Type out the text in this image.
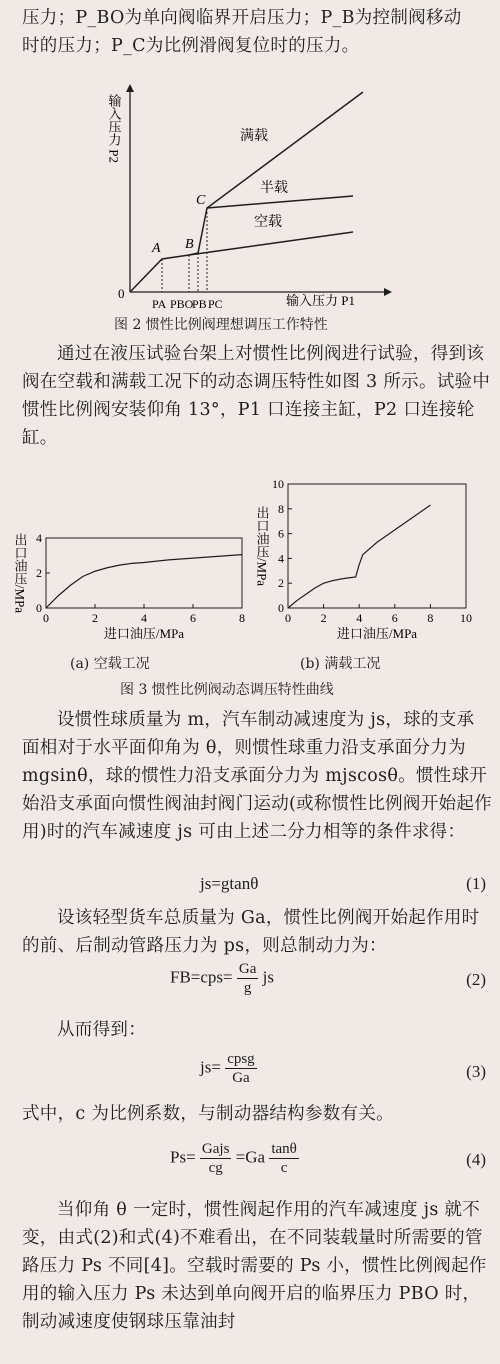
压力；P_BO为单向阀临界开启压力；P_B为控制阀移动
时的压力；P_C为比例滑阀复位时的压力。
输入压力 P2
输入压力 P1
0
A B
C
PA PBO
PB PC
满载
半载
空载
图 2 惯性比例阀理想调压工作特性
通过在液压试验台架上对惯性比例阀进行试验，得到该阀在空载和满载工况下的动态调压特性如图 3 所示。试验中惯性比例阀安装仰角 13°，P1 口连接主缸，P2 口连接轮缸。
0	2	4	6	8
0
2
4
进口油压/MPa
出口油压/MPa
0 2 4 6 8 10
0
2
4
6
8
10
进口油压/MPa
出口油压/MPa
(a) 空载工况	(b) 满载工况
图 3 惯性比例阀动态调压特性曲线
设惯性球质量为 m，汽车制动减速度为 js，球的支承面相对于水平面仰角为 θ，则惯性球重力沿支承面分力为 mgsinθ，球的惯性力沿支承面分力为 mjscosθ。惯性球开始沿支承面向惯性阀油封阀门运动(或称惯性比例阀开始起作用)时的汽车减速度 js 可由上述二分力相等的条件求得：
js=gtanθ	(1)
设该轻型货车总质量为 Ga，惯性比例阀开始起作用时的前、后制动管路压力为 ps，则总制动力为：
$FB=cps= \frac{Ga}{g}$ js	(2)
从而得到：
$js= \frac{\text{cpsg}}{Ga}$	(3)
式中，c 为比例系数，与制动器结构参数有关。
$Ps= \frac{\text{Gajs}}{cg} =Ga \frac{\tan\theta}{c}$	(4)
当仰角 θ 一定时，惯性阀起作用的汽车减速度 js 就不变，由式(2)和式(4)不难看出，在不同装载量时所需要的管路压力 Ps 不同[4]。空载时需要的 Ps 小，惯性比例阀起作用的输入压力 Ps 未达到单向阀开启的临界压力 PBO 时，制动减速度使钢球压靠油封
